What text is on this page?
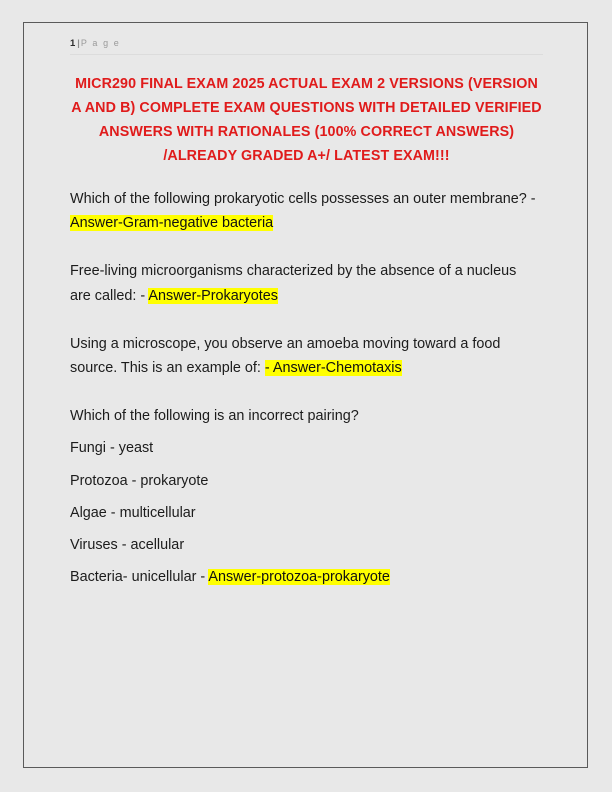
1 |P a g e
MICR290 FINAL EXAM 2025 ACTUAL EXAM 2 VERSIONS (VERSION A AND B) COMPLETE EXAM QUESTIONS WITH DETAILED VERIFIED ANSWERS WITH RATIONALES (100% CORRECT ANSWERS) /ALREADY GRADED A+/ LATEST EXAM!!!
Which of the following prokaryotic cells possesses an outer membrane? - Answer-Gram-negative bacteria
Free-living microorganisms characterized by the absence of a nucleus are called: - Answer-Prokaryotes
Using a microscope, you observe an amoeba moving toward a food source. This is an example of: - Answer-Chemotaxis
Which of the following is an incorrect pairing?
Fungi - yeast
Protozoa - prokaryote
Algae - multicellular
Viruses - acellular
Bacteria- unicellular - Answer-protozoa-prokaryote
